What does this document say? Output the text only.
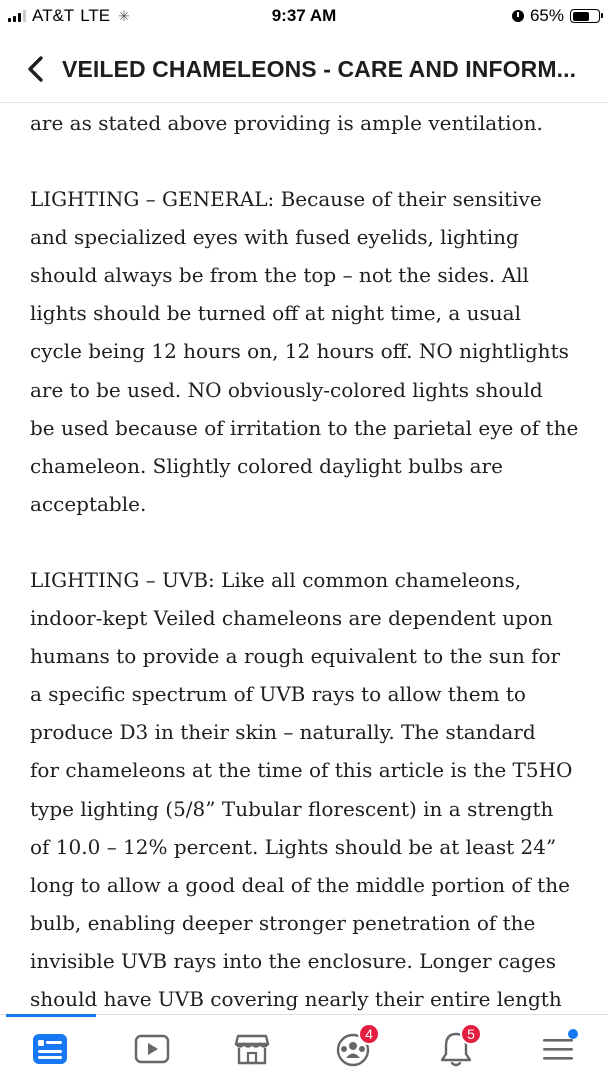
AT&T LTE ✳	9:37 AM	65%
VEILED CHAMELEONS - CARE AND INFORM...

are as stated above providing is ample ventilation.

LIGHTING – GENERAL: Because of their sensitive
and specialized eyes with fused eyelids, lighting
should always be from the top – not the sides. All
lights should be turned off at night time, a usual
cycle being 12 hours on, 12 hours off. NO nightlights
are to be used. NO obviously-colored lights should
be used because of irritation to the parietal eye of the
chameleon. Slightly colored daylight bulbs are
acceptable.

LIGHTING – UVB: Like all common chameleons,
indoor-kept Veiled chameleons are dependent upon
humans to provide a rough equivalent to the sun for
a specific spectrum of UVB rays to allow them to
produce D3 in their skin – naturally. The standard
for chameleons at the time of this article is the T5HO
type lighting (5/8” Tubular florescent) in a strength
of 10.0 – 12% percent. Lights should be at least 24”
long to allow a good deal of the middle portion of the
bulb, enabling deeper stronger penetration of the
invisible UVB rays into the enclosure. Longer cages
should have UVB covering nearly their entire length

4	5
